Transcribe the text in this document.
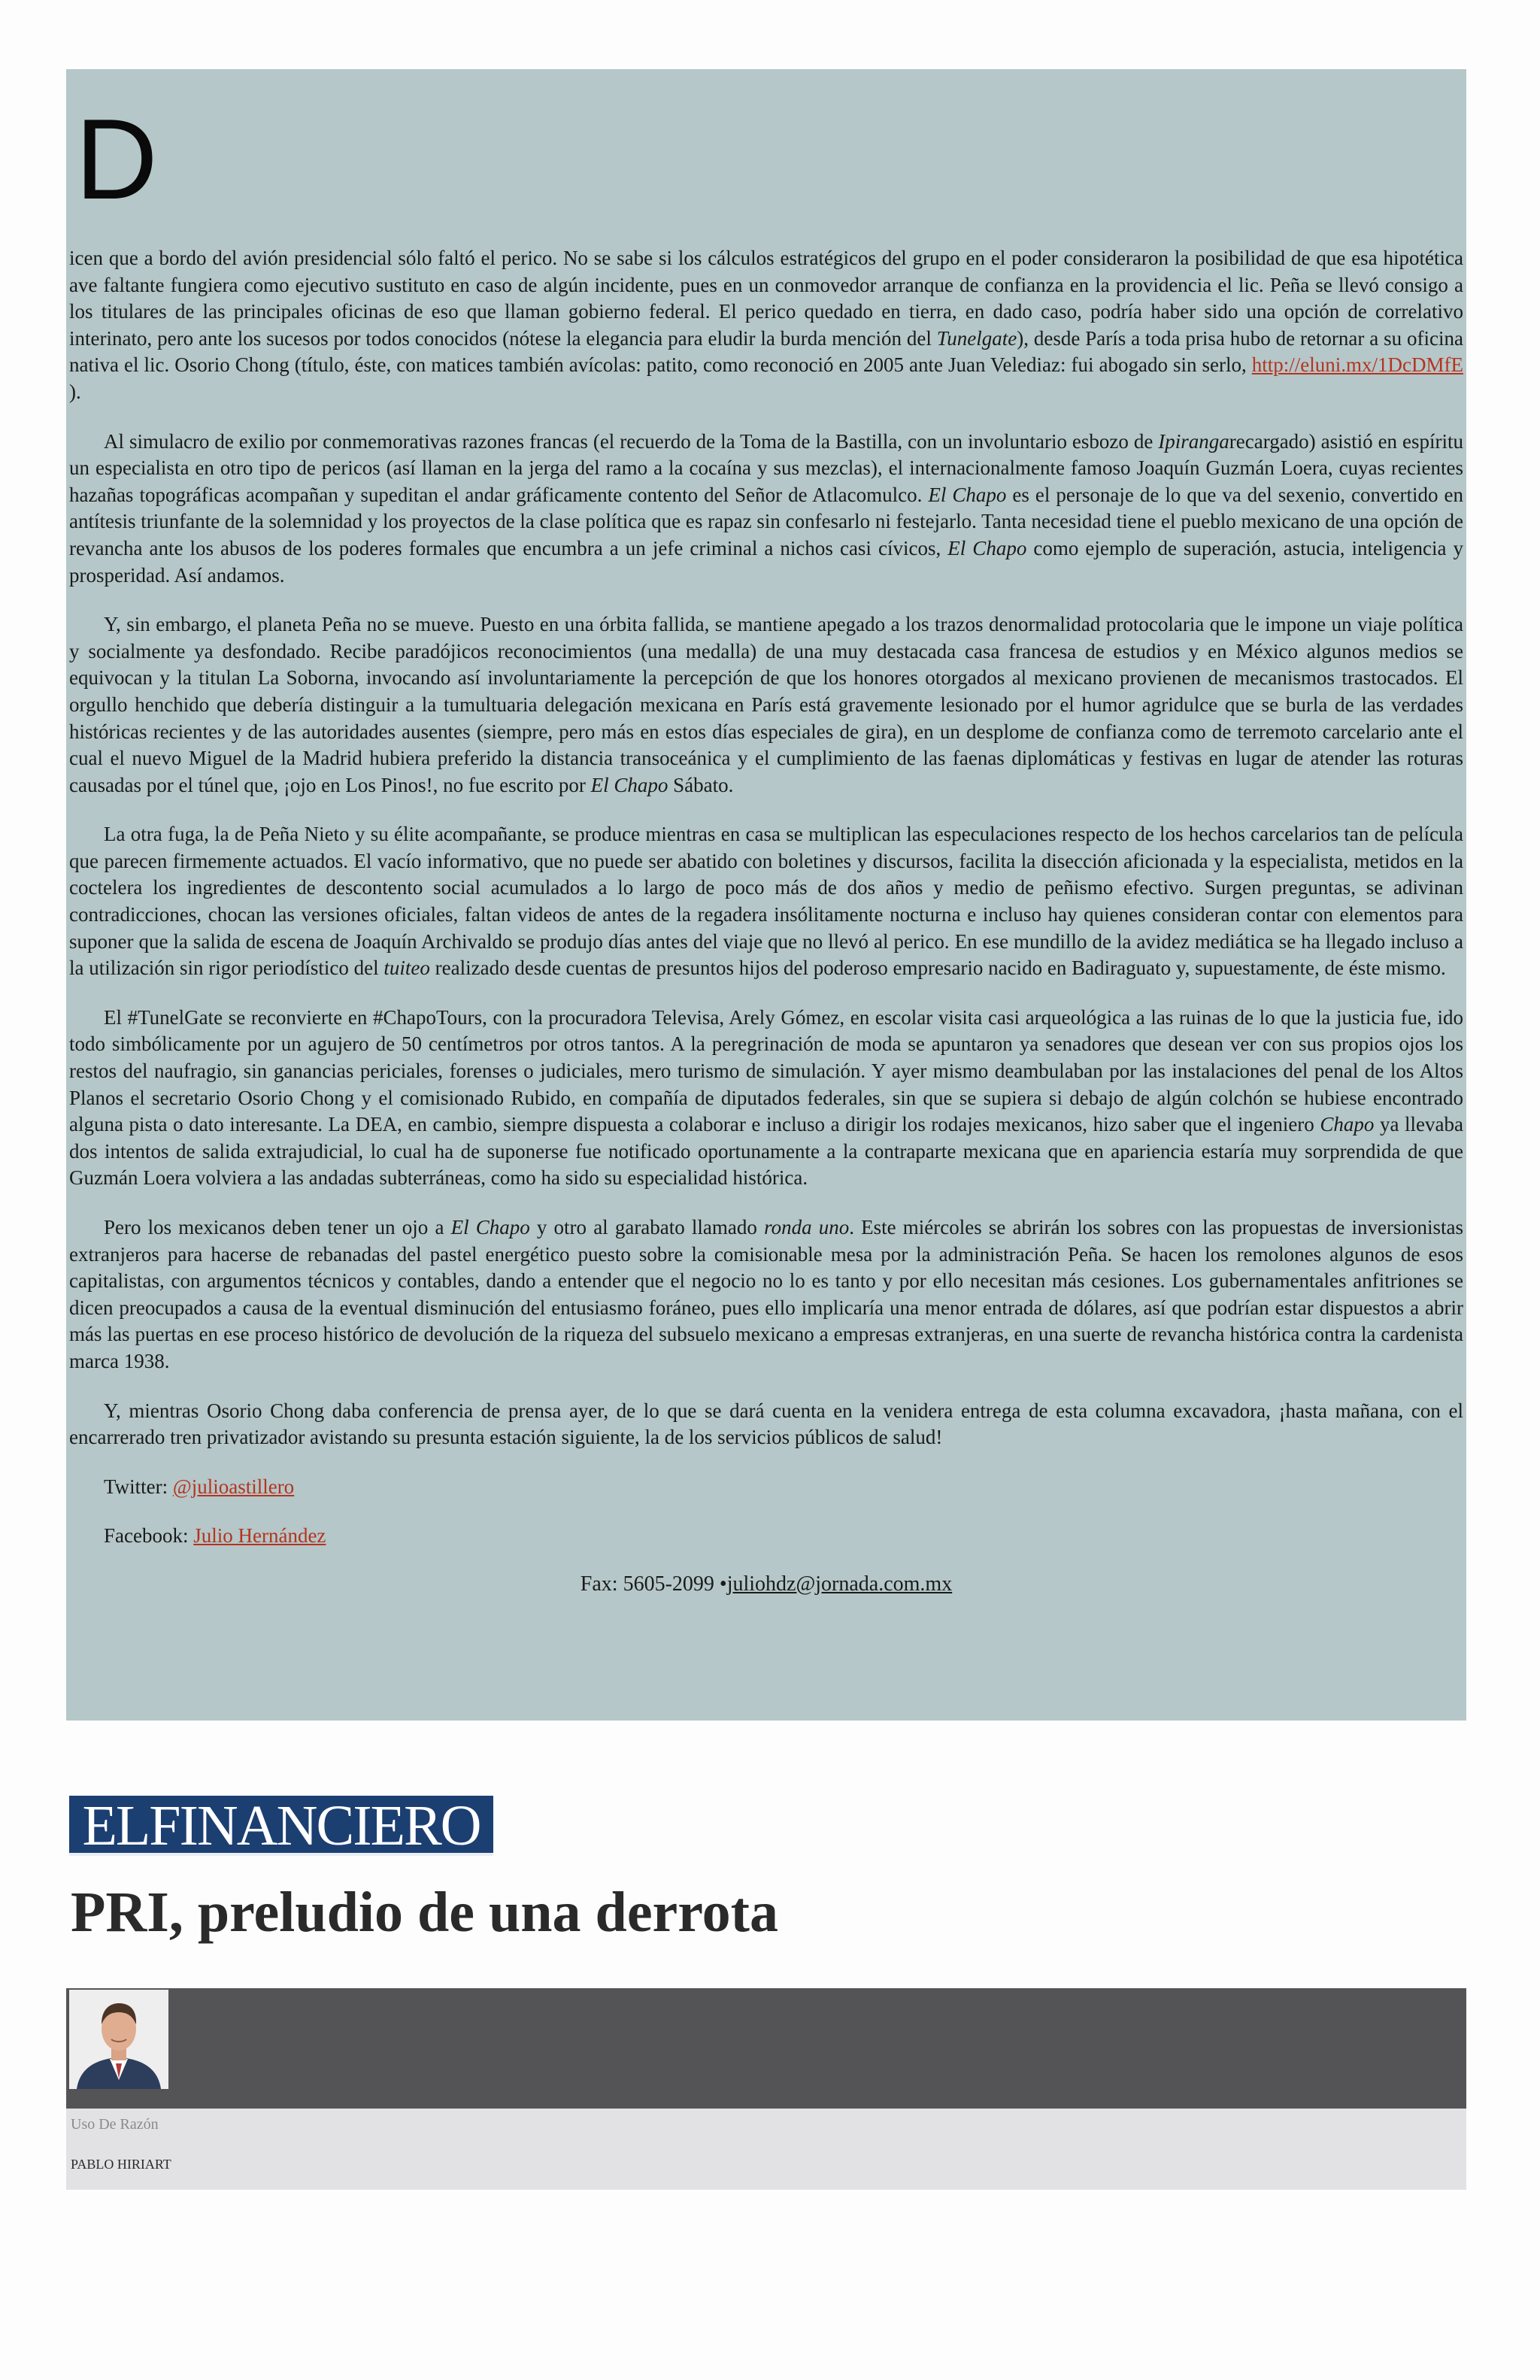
D

icen que a bordo del avión presidencial sólo faltó el perico. No se sabe si los cálculos estratégicos del grupo en el poder consideraron la posibilidad de que esa hipotética ave faltante fungiera como ejecutivo sustituto en caso de algún incidente, pues en un conmovedor arranque de confianza en la providencia el lic. Peña se llevó consigo a los titulares de las principales oficinas de eso que llaman gobierno federal. El perico quedado en tierra, en dado caso, podría haber sido una opción de correlativo interinato, pero ante los sucesos por todos conocidos (nótese la elegancia para eludir la burda mención del Tunelgate), desde París a toda prisa hubo de retornar a su oficina nativa el lic. Osorio Chong (título, éste, con matices también avícolas: patito, como reconoció en 2005 ante Juan Velediaz: fui abogado sin serlo, http://eluni.mx/1DcDMfE ).

Al simulacro de exilio por conmemorativas razones francas (el recuerdo de la Toma de la Bastilla, con un involuntario esbozo de Ipirangarecargado) asistió en espíritu un especialista en otro tipo de pericos (así llaman en la jerga del ramo a la cocaína y sus mezclas), el internacionalmente famoso Joaquín Guzmán Loera, cuyas recientes hazañas topográficas acompañan y supeditan el andar gráficamente contento del Señor de Atlacomulco. El Chapo es el personaje de lo que va del sexenio, convertido en antítesis triunfante de la solemnidad y los proyectos de la clase política que es rapaz sin confesarlo ni festejarlo. Tanta necesidad tiene el pueblo mexicano de una opción de revancha ante los abusos de los poderes formales que encumbra a un jefe criminal a nichos casi cívicos, El Chapo como ejemplo de superación, astucia, inteligencia y prosperidad. Así andamos.

Y, sin embargo, el planeta Peña no se mueve. Puesto en una órbita fallida, se mantiene apegado a los trazos denormalidad protocolaria que le impone un viaje política y socialmente ya desfondado. Recibe paradójicos reconocimientos (una medalla) de una muy destacada casa francesa de estudios y en México algunos medios se equivocan y la titulan La Soborna, invocando así involuntariamente la percepción de que los honores otorgados al mexicano provienen de mecanismos trastocados. El orgullo henchido que debería distinguir a la tumultuaria delegación mexicana en París está gravemente lesionado por el humor agridulce que se burla de las verdades históricas recientes y de las autoridades ausentes (siempre, pero más en estos días especiales de gira), en un desplome de confianza como de terremoto carcelario ante el cual el nuevo Miguel de la Madrid hubiera preferido la distancia transoceánica y el cumplimiento de las faenas diplomáticas y festivas en lugar de atender las roturas causadas por el túnel que, ¡ojo en Los Pinos!, no fue escrito por El Chapo Sábato.

La otra fuga, la de Peña Nieto y su élite acompañante, se produce mientras en casa se multiplican las especulaciones respecto de los hechos carcelarios tan de película que parecen firmemente actuados. El vacío informativo, que no puede ser abatido con boletines y discursos, facilita la disección aficionada y la especialista, metidos en la coctelera los ingredientes de descontento social acumulados a lo largo de poco más de dos años y medio de peñismo efectivo. Surgen preguntas, se adivinan contradicciones, chocan las versiones oficiales, faltan videos de antes de la regadera insólitamente nocturna e incluso hay quienes consideran contar con elementos para suponer que la salida de escena de Joaquín Archivaldo se produjo días antes del viaje que no llevó al perico. En ese mundillo de la avidez mediática se ha llegado incluso a la utilización sin rigor periodístico del tuiteo realizado desde cuentas de presuntos hijos del poderoso empresario nacido en Badiraguato y, supuestamente, de éste mismo.

El #TunelGate se reconvierte en #ChapoTours, con la procuradora Televisa, Arely Gómez, en escolar visita casi arqueológica a las ruinas de lo que la justicia fue, ido todo simbólicamente por un agujero de 50 centímetros por otros tantos. A la peregrinación de moda se apuntaron ya senadores que desean ver con sus propios ojos los restos del naufragio, sin ganancias periciales, forenses o judiciales, mero turismo de simulación. Y ayer mismo deambulaban por las instalaciones del penal de los Altos Planos el secretario Osorio Chong y el comisionado Rubido, en compañía de diputados federales, sin que se supiera si debajo de algún colchón se hubiese encontrado alguna pista o dato interesante. La DEA, en cambio, siempre dispuesta a colaborar e incluso a dirigir los rodajes mexicanos, hizo saber que el ingeniero Chapo ya llevaba dos intentos de salida extrajudicial, lo cual ha de suponerse fue notificado oportunamente a la contraparte mexicana que en apariencia estaría muy sorprendida de que Guzmán Loera volviera a las andadas subterráneas, como ha sido su especialidad histórica.

Pero los mexicanos deben tener un ojo a El Chapo y otro al garabato llamado ronda uno. Este miércoles se abrirán los sobres con las propuestas de inversionistas extranjeros para hacerse de rebanadas del pastel energético puesto sobre la comisionable mesa por la administración Peña. Se hacen los remolones algunos de esos capitalistas, con argumentos técnicos y contables, dando a entender que el negocio no lo es tanto y por ello necesitan más cesiones. Los gubernamentales anfitriones se dicen preocupados a causa de la eventual disminución del entusiasmo foráneo, pues ello implicaría una menor entrada de dólares, así que podrían estar dispuestos a abrir más las puertas en ese proceso histórico de devolución de la riqueza del subsuelo mexicano a empresas extranjeras, en una suerte de revancha histórica contra la cardenista marca 1938.

Y, mientras Osorio Chong daba conferencia de prensa ayer, de lo que se dará cuenta en la venidera entrega de esta columna excavadora, ¡hasta mañana, con el encarrerado tren privatizador avistando su presunta estación siguiente, la de los servicios públicos de salud!

Twitter: @julioastillero

Facebook: Julio Hernández

Fax: 5605-2099 •juliohdz@jornada.com.mx
ELFINANCIERO
PRI, preludio de una derrota
Uso De Razón
PABLO HIRIART
